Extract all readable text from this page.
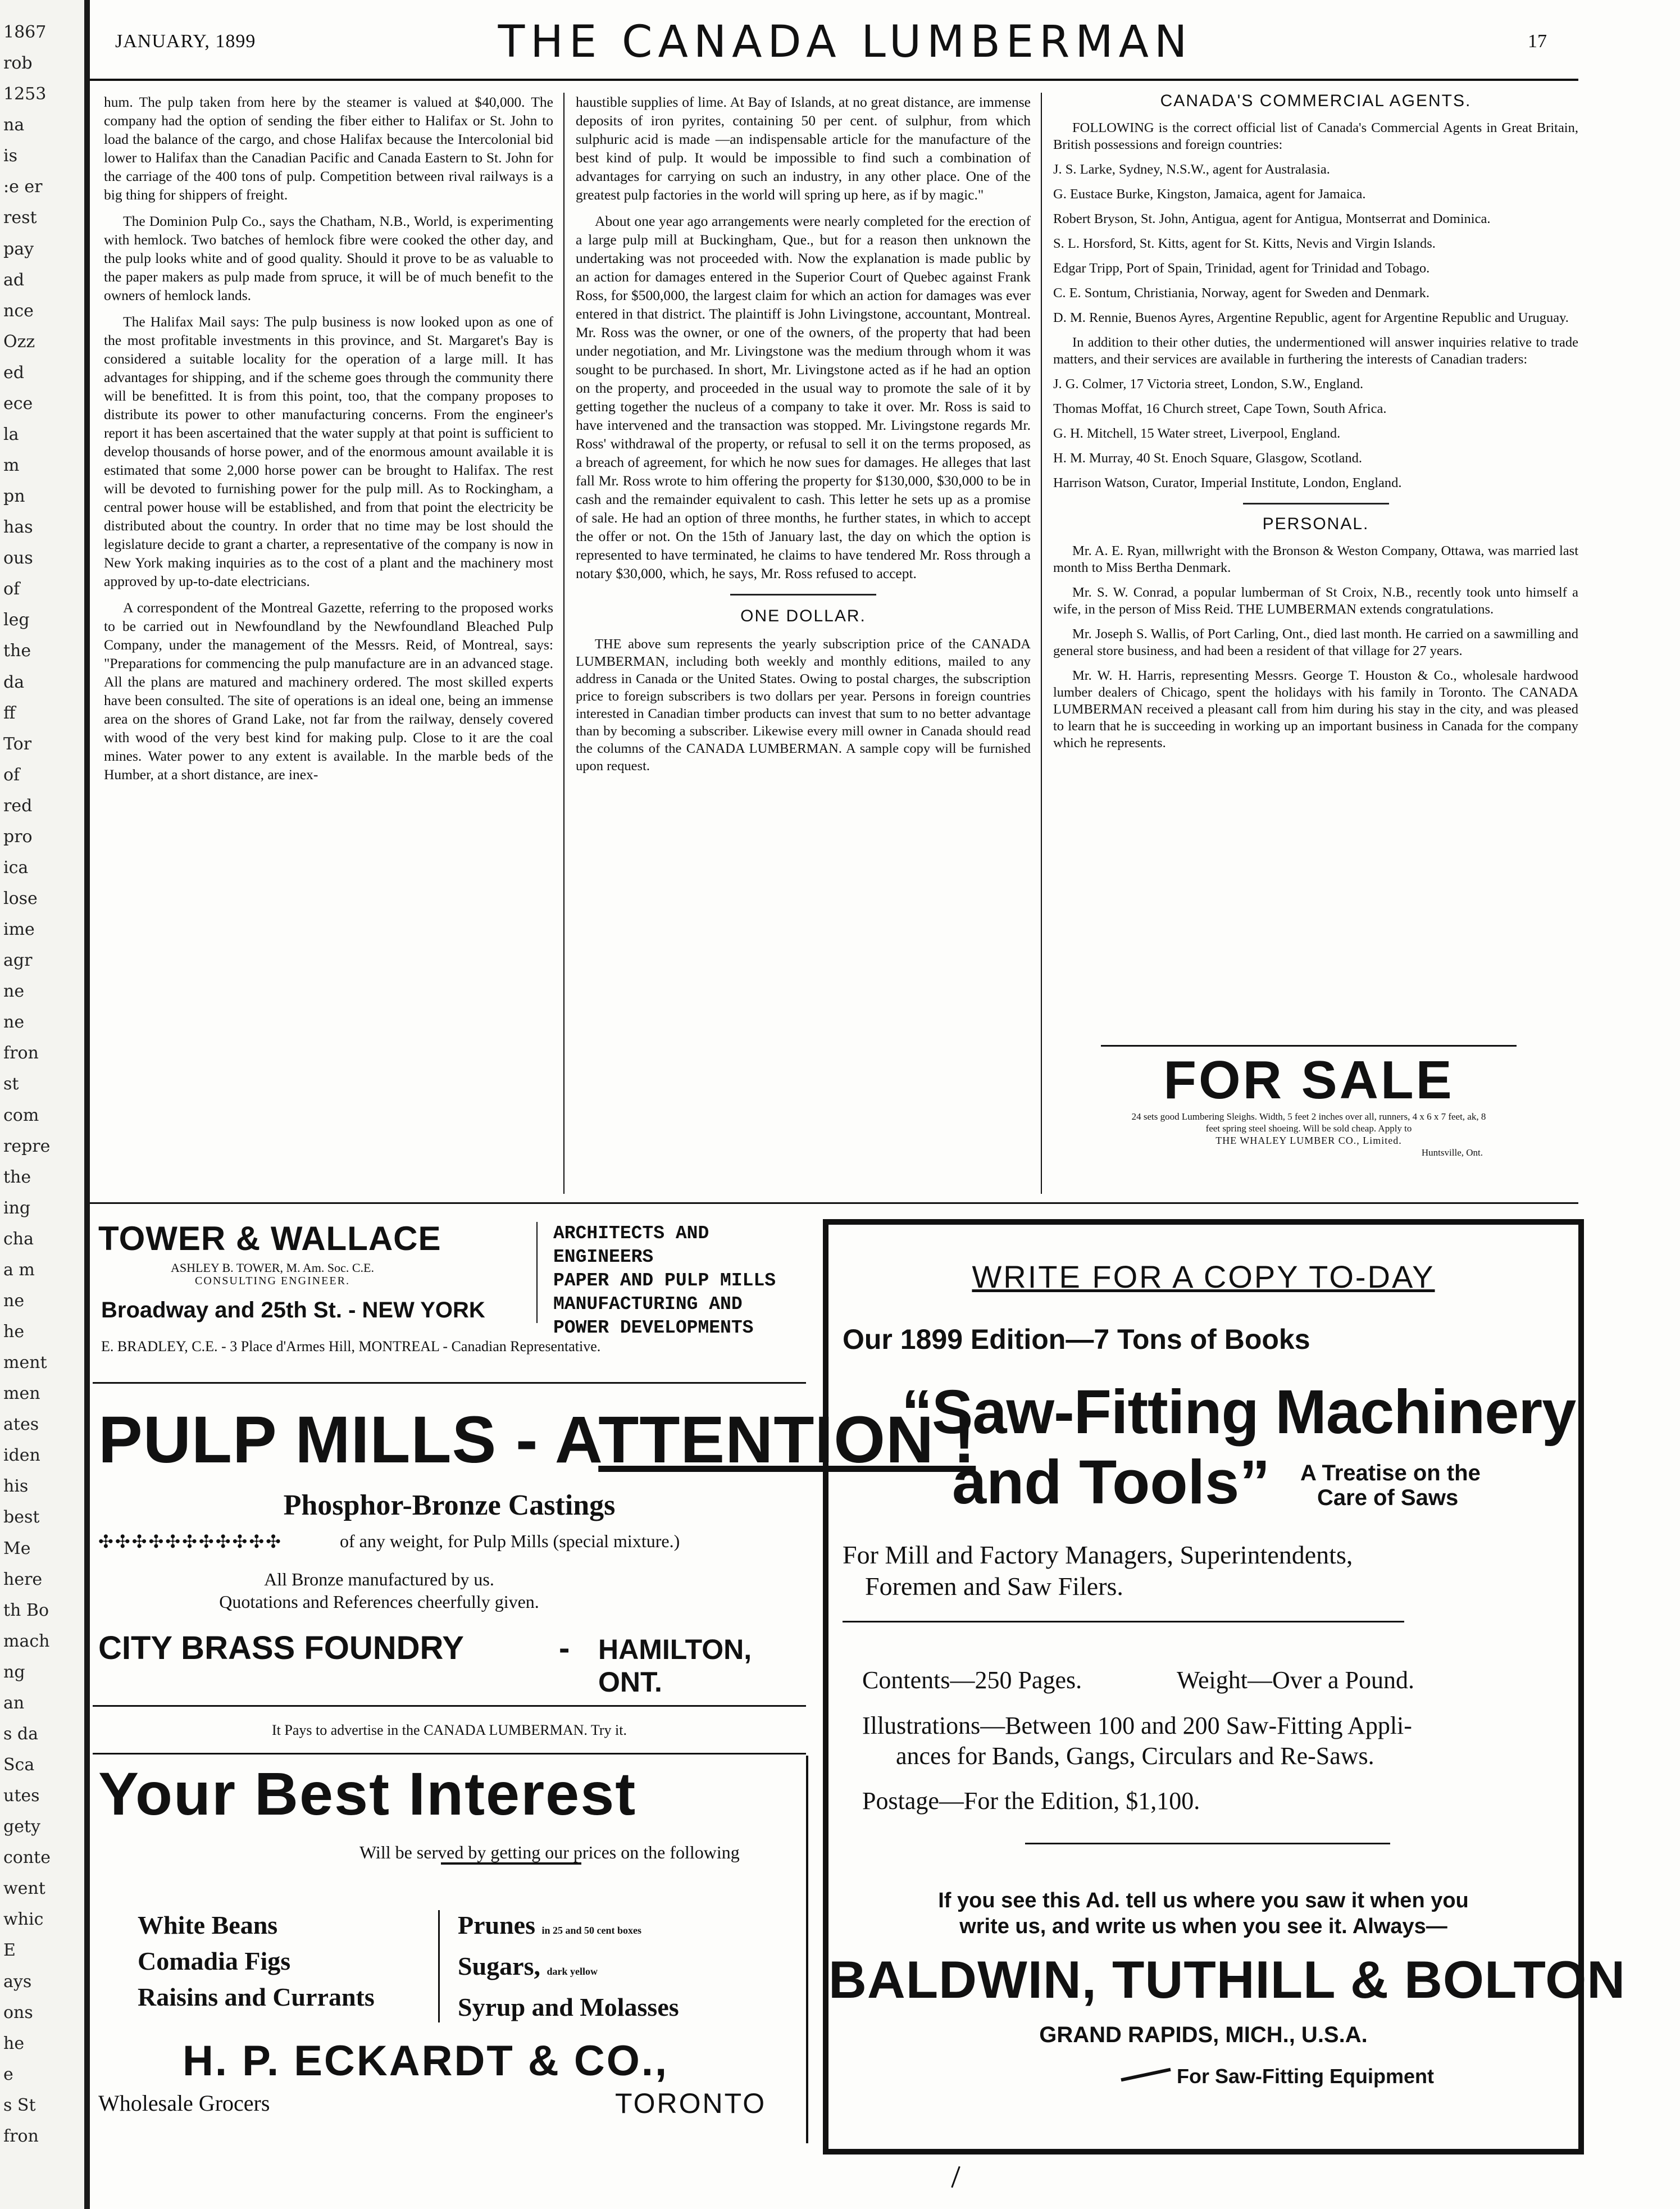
1867
rob
1253
na
is
:e er
rest
pay
ad
nce
Ozz
ed
ece
la
m
pn
has
ous
of
leg
the
da
ff
Tor
of
red
pro
ica
lose
ime
agr
ne
ne
fron
st
com
repre
the
ing
cha
a m
ne
he
ment
men
ates
iden
his
best
Me
here
th Bo
mach
ng
an
s da
Sca
utes
gety
conte
went
whic
E
ays
ons
he
e
s St
fron
JANUARY, 1899	THE CANADA LUMBERMAN	17

hum. The pulp taken from here by the steamer is valued at $40,000. The company had the option of sending the fiber either to Halifax or St. John to load the balance of the cargo, and chose Halifax because the Intercolonial bid lower to Halifax than the Canadian Pacific and Canada Eastern to St. John for the carriage of the 400 tons of pulp. Competition between rival railways is a big thing for shippers of freight.

The Dominion Pulp Co., says the Chatham, N.B., World, is experimenting with hemlock. Two batches of hemlock fibre were cooked the other day, and the pulp looks white and of good quality. Should it prove to be as valuable to the paper makers as pulp made from spruce, it will be of much benefit to the owners of hemlock lands.

The Halifax Mail says: The pulp business is now looked upon as one of the most profitable investments in this province, and St. Margaret's Bay is considered a suitable locality for the operation of a large mill. It has advantages for shipping, and if the scheme goes through the community there will be benefitted. It is from this point, too, that the company proposes to distribute its power to other manufacturing concerns. From the engineer's report it has been ascertained that the water supply at that point is sufficient to develop thousands of horse power, and of the enormous amount available it is estimated that some 2,000 horse power can be brought to Halifax. The rest will be devoted to furnishing power for the pulp mill. As to Rockingham, a central power house will be established, and from that point the electricity be distributed about the country. In order that no time may be lost should the legislature decide to grant a charter, a representative of the company is now in New York making inquiries as to the cost of a plant and the machinery most approved by up-to-date electricians.

A correspondent of the Montreal Gazette, referring to the proposed works to be carried out in Newfoundland by the Newfoundland Bleached Pulp Company, under the management of the Messrs. Reid, of Montreal, says: "Preparations for commencing the pulp manufacture are in an advanced stage. All the plans are matured and machinery ordered. The most skilled experts have been consulted. The site of operations is an ideal one, being an immense area on the shores of Grand Lake, not far from the railway, densely covered with wood of the very best kind for making pulp. Close to it are the coal mines. Water power to any extent is available. In the marble beds of the Humber, at a short distance, are inex-

haustible supplies of lime. At Bay of Islands, at no great distance, are immense deposits of iron pyrites, containing 50 per cent. of sulphur, from which sulphuric acid is made —an indispensable article for the manufacture of the best kind of pulp. It would be impossible to find such a combination of advantages for carrying on such an industry, in any other place. One of the greatest pulp factories in the world will spring up here, as if by magic."

About one year ago arrangements were nearly completed for the erection of a large pulp mill at Buckingham, Que., but for a reason then unknown the undertaking was not proceeded with. Now the explanation is made public by an action for damages entered in the Superior Court of Quebec against Frank Ross, for $500,000, the largest claim for which an action for damages was ever entered in that district. The plaintiff is John Livingstone, accountant, Montreal. Mr. Ross was the owner, or one of the owners, of the property that had been under negotiation, and Mr. Livingstone was the medium through whom it was sought to be purchased. In short, Mr. Livingstone acted as if he had an option on the property, and proceeded in the usual way to promote the sale of it by getting together the nucleus of a company to take it over. Mr. Ross is said to have intervened and the transaction was stopped. Mr. Livingstone regards Mr. Ross' withdrawal of the property, or refusal to sell it on the terms proposed, as a breach of agreement, for which he now sues for damages. He alleges that last fall Mr. Ross wrote to him offering the property for $130,000, $30,000 to be in cash and the remainder equivalent to cash. This letter he sets up as a promise of sale. He had an option of three months, he further states, in which to accept the offer or not. On the 15th of January last, the day on which the option is represented to have terminated, he claims to have tendered Mr. Ross through a notary $30,000, which, he says, Mr. Ross refused to accept.

ONE DOLLAR.

THE above sum represents the yearly subscription price of the CANADA LUMBERMAN, including both weekly and monthly editions, mailed to any address in Canada or the United States. Owing to postal charges, the subscription price to foreign subscribers is two dollars per year. Persons in foreign countries interested in Canadian timber products can invest that sum to no better advantage than by becoming a subscriber. Likewise every mill owner in Canada should read the columns of the CANADA LUMBERMAN. A sample copy will be furnished upon request.

CANADA'S COMMERCIAL AGENTS.

FOLLOWING is the correct official list of Canada's Commercial Agents in Great Britain, British possessions and foreign countries:

J. S. Larke, Sydney, N.S.W., agent for Australasia.

G. Eustace Burke, Kingston, Jamaica, agent for Jamaica.

Robert Bryson, St. John, Antigua, agent for Antigua, Montserrat and Dominica.

S. L. Horsford, St. Kitts, agent for St. Kitts, Nevis and Virgin Islands.

Edgar Tripp, Port of Spain, Trinidad, agent for Trinidad and Tobago.

C. E. Sontum, Christiania, Norway, agent for Sweden and Denmark.

D. M. Rennie, Buenos Ayres, Argentine Republic, agent for Argentine Republic and Uruguay.

In addition to their other duties, the undermentioned will answer inquiries relative to trade matters, and their services are available in furthering the interests of Canadian traders:

J. G. Colmer, 17 Victoria street, London, S.W., England.

Thomas Moffat, 16 Church street, Cape Town, South Africa.

G. H. Mitchell, 15 Water street, Liverpool, England.

H. M. Murray, 40 St. Enoch Square, Glasgow, Scotland.

Harrison Watson, Curator, Imperial Institute, London, England.

PERSONAL.

Mr. A. E. Ryan, millwright with the Bronson & Weston Company, Ottawa, was married last month to Miss Bertha Denmark.

Mr. S. W. Conrad, a popular lumberman of St Croix, N.B., recently took unto himself a wife, in the person of Miss Reid. THE LUMBERMAN extends congratulations.

Mr. Joseph S. Wallis, of Port Carling, Ont., died last month. He carried on a sawmilling and general store business, and had been a resident of that village for 27 years.

Mr. W. H. Harris, representing Messrs. George T. Houston & Co., wholesale hardwood lumber dealers of Chicago, spent the holidays with his family in Toronto. The CANADA LUMBERMAN received a pleasant call from him during his stay in the city, and was pleased to learn that he is succeeding in working up an important business in Canada for the company which he represents.

FOR SALE
24 sets good Lumbering Sleighs. Width, 5 feet 2 inches over all, runners, 4 x 6 x 7 feet, ak, 8 feet spring steel shoeing. Will be sold cheap. Apply to
THE WHALEY LUMBER CO., Limited.
Huntsville, Ont.
TOWER & WALLACE
ASHLEY B. TOWER, M. Am. Soc. C.E.
CONSULTING ENGINEER.
Broadway and 25th St. - NEW YORK
ARCHITECTS AND ENGINEERS
PAPER AND PULP MILLS
MANUFACTURING AND
POWER DEVELOPMENTS
E. BRADLEY, C.E. - 3 Place d'Armes Hill, MONTREAL - Canadian Representative.
PULP MILLS - ATTENTION !
Phosphor-Bronze Castings
✣✣✣✣✣✣✣✣✣✣✣	of any weight, for Pulp Mills (special mixture.)
All Bronze manufactured by us.
Quotations and References cheerfully given.
CITY BRASS FOUNDRY	- HAMILTON, ONT.
It Pays to advertise in the CANADA LUMBERMAN. Try it.
Your Best Interest
Will be served by getting our prices on the following
White Beans
Comadia Figs
Raisins and Currants
Prunes in 25 and 50 cent boxes
Sugars, dark yellow
Syrup and Molasses
H. P. ECKARDT & CO.,
Wholesale Grocers	TORONTO
WRITE FOR A COPY TO-DAY
Our 1899 Edition—7 Tons of Books
“Saw-Fitting Machinery
and Tools” A Treatise on the
Care of Saws
For Mill and Factory Managers, Superintendents,
Foremen and Saw Filers.
Contents—250 Pages.	Weight—Over a Pound.
Illustrations—Between 100 and 200 Saw-Fitting Appli-
ances for Bands, Gangs, Circulars and Re-Saws.
Postage—For the Edition, $1,100.
If you see this Ad. tell us where you saw it when you
write us, and write us when you see it. Always—
BALDWIN, TUTHILL & BOLTON
GRAND RAPIDS, MICH., U.S.A.
For Saw-Fitting Equipment
